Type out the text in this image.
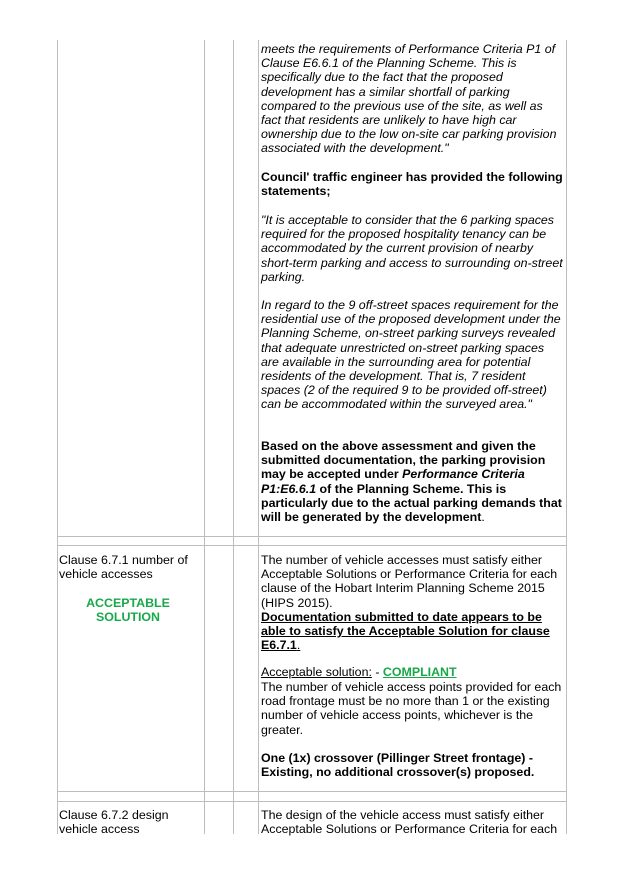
meets the requirements of Performance Criteria P1 of Clause E6.6.1 of the Planning Scheme. This is specifically due to the fact that the proposed development has a similar shortfall of parking compared to the previous use of the site, as well as fact that residents are unlikely to have high car ownership due to the low on-site car parking provision associated with the development."

Council' traffic engineer has provided the following statements;

"It is acceptable to consider that the 6 parking spaces required for the proposed hospitality tenancy can be accommodated by the current provision of nearby short-term parking and access to surrounding on-street parking.

In regard to the 9 off-street spaces requirement for the residential use of the proposed development under the Planning Scheme, on-street parking surveys revealed that adequate unrestricted on-street parking spaces are available in the surrounding area for potential residents of the development. That is, 7 resident spaces (2 of the required 9 to be provided off-street) can be accommodated within the surveyed area."

Based on the above assessment and given the submitted documentation, the parking provision may be accepted under Performance Criteria P1:E6.6.1 of the Planning Scheme. This is particularly due to the actual parking demands that will be generated by the development.

Clause 6.7.1 number of vehicle accesses

ACCEPTABLE SOLUTION

The number of vehicle accesses must satisfy either Acceptable Solutions or Performance Criteria for each clause of the Hobart Interim Planning Scheme 2015 (HIPS 2015).

Documentation submitted to date appears to be able to satisfy the Acceptable Solution for clause E6.7.1.

Acceptable solution: - COMPLIANT

The number of vehicle access points provided for each road frontage must be no more than 1 or the existing number of vehicle access points, whichever is the greater.

One (1x) crossover (Pillinger Street frontage) - Existing, no additional crossover(s) proposed.

Clause 6.7.2 design vehicle access

The design of the vehicle access must satisfy either Acceptable Solutions or Performance Criteria for each
